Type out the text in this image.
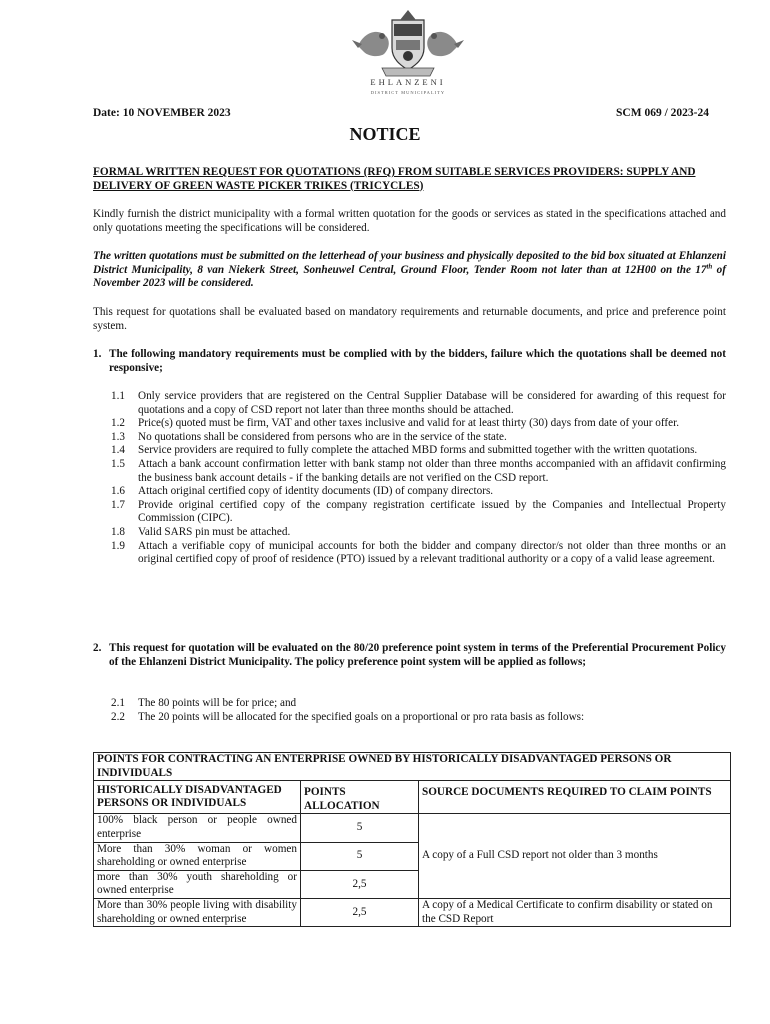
EHLANZENI
DISTRICT MUNICIPALITY
Date: 10 NOVEMBER 2023	SCM 069 / 2023-24
NOTICE
FORMAL WRITTEN REQUEST FOR QUOTATIONS (RFQ) FROM SUITABLE SERVICES PROVIDERS: SUPPLY AND DELIVERY OF GREEN WASTE PICKER TRIKES (TRICYCLES)
Kindly furnish the district municipality with a formal written quotation for the goods or services as stated in the specifications attached and only quotations meeting the specifications will be considered.
The written quotations must be submitted on the letterhead of your business and physically deposited to the bid box situated at Ehlanzeni District Municipality, 8 van Niekerk Street, Sonheuwel Central, Ground Floor, Tender Room not later than at 12H00 on the 17th of November 2023 will be considered.
This request for quotations shall be evaluated based on mandatory requirements and returnable documents, and price and preference point system.
1. The following mandatory requirements must be complied with by the bidders, failure which the quotations shall be deemed not responsive;
1.1 Only service providers that are registered on the Central Supplier Database will be considered for awarding of this request for quotations and a copy of CSD report not later than three months should be attached.
1.2 Price(s) quoted must be firm, VAT and other taxes inclusive and valid for at least thirty (30) days from date of your offer.
1.3 No quotations shall be considered from persons who are in the service of the state.
1.4 Service providers are required to fully complete the attached MBD forms and submitted together with the written quotations.
1.5 Attach a bank account confirmation letter with bank stamp not older than three months accompanied with an affidavit confirming the business bank account details - if the banking details are not verified on the CSD report.
1.6 Attach original certified copy of identity documents (ID) of company directors.
1.7 Provide original certified copy of the company registration certificate issued by the Companies and Intellectual Property Commission (CIPC).
1.8 Valid SARS pin must be attached.
1.9 Attach a verifiable copy of municipal accounts for both the bidder and company director/s not older than three months or an original certified copy of proof of residence (PTO) issued by a relevant traditional authority or a copy of a valid lease agreement.
2. This request for quotation will be evaluated on the 80/20 preference point system in terms of the Preferential Procurement Policy of the Ehlanzeni District Municipality. The policy preference point system will be applied as follows;
2.1 The 80 points will be for price; and
2.2 The 20 points will be allocated for the specified goals on a proportional or pro rata basis as follows:
POINTS FOR CONTRACTING AN ENTERPRISE OWNED BY HISTORICALLY DISADVANTAGED PERSONS OR INDIVIDUALS		
HISTORICALLY DISADVANTAGED PERSONS OR INDIVIDUALS	POINTS ALLOCATION	SOURCE DOCUMENTS REQUIRED TO CLAIM POINTS
100% black person or people owned enterprise	5	A copy of a Full CSD report not older than 3 months
More than 30% woman or women shareholding or owned enterprise	5	
more than 30% youth shareholding or owned enterprise	2,5	
More than 30% people living with disability shareholding or owned enterprise	2,5	A copy of a Medical Certificate to confirm disability or stated on the CSD Report
